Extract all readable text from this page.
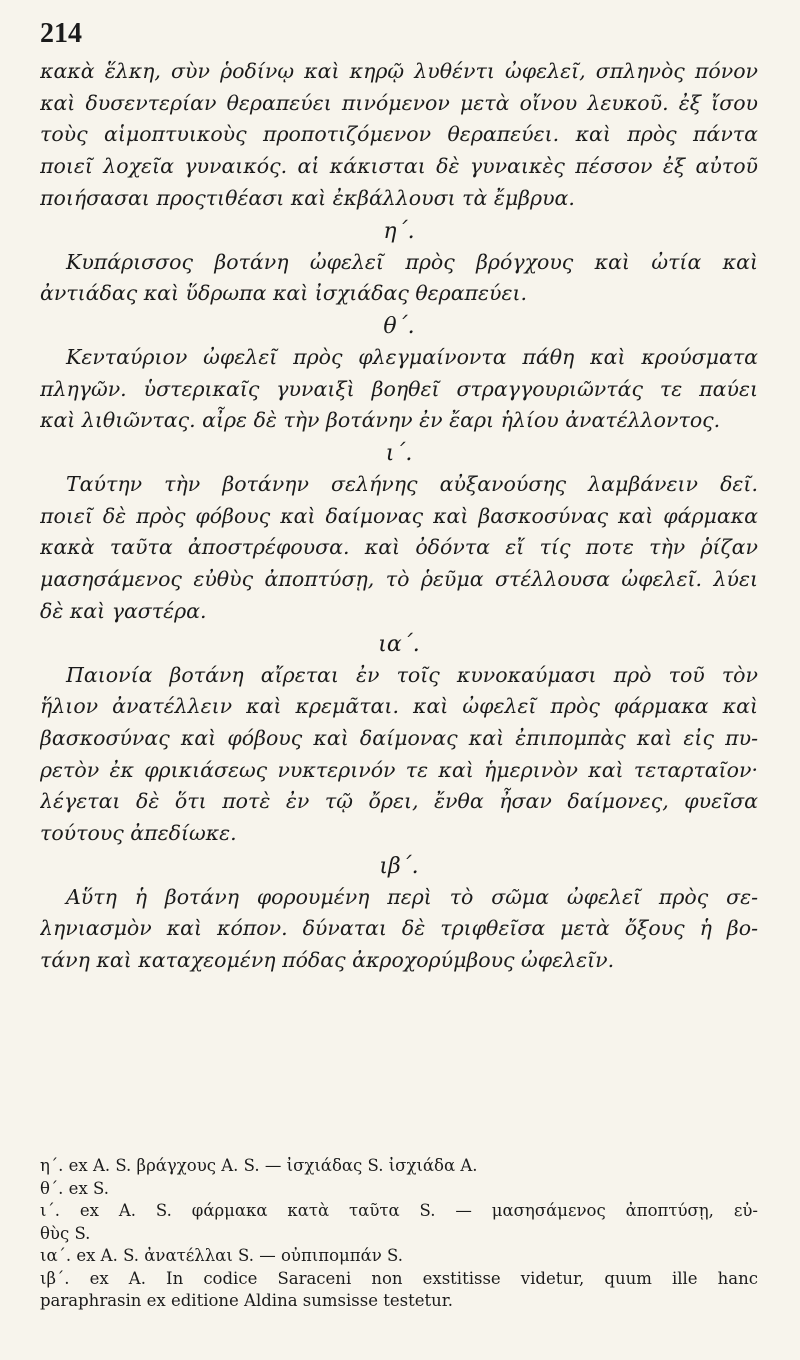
214
κακὰ ἕλκη, σὺν ῥοδίνῳ καὶ κηρῷ λυθέντι ὠφελεῖ, σπληνὸς πόνον
καὶ δυσεντερίαν θεραπεύει πινόμενον μετὰ οἴνου λευκοῦ. ἐξ ἴσου
τοὺς αἱμοπτυικοὺς προποτιζόμενον θεραπεύει. καὶ πρὸς πάντα
ποιεῖ λοχεῖα γυναικός. αἱ κάκισται δὲ γυναικὲς πέσσον ἐξ αὐτοῦ
ποιήσασαι προςτιθέασι καὶ ἐκβάλλουσι τὰ ἔμβρυα.
η΄.
Κυπάρισσος βοτάνη ὠφελεῖ πρὸς βρόγχους καὶ ὠτία καὶ
ἀντιάδας καὶ ὕδρωπα καὶ ἰσχιάδας θεραπεύει.
θ΄.
Κενταύριον ὠφελεῖ πρὸς φλεγμαίνοντα πάθη καὶ κρούσματα
πληγῶν. ὑστερικαῖς γυναιξὶ βοηθεῖ στραγγουριῶντάς τε παύει
καὶ λιθιῶντας. αἶρε δὲ τὴν βοτάνην ἐν ἔαρι ἡλίου ἀνατέλλοντος.
ι΄.
Ταύτην τὴν βοτάνην σελήνης αὐξανούσης λαμβάνειν δεῖ.
ποιεῖ δὲ πρὸς φόβους καὶ δαίμονας καὶ βασκοσύνας καὶ φάρμακα
κακὰ ταῦτα ἀποστρέφουσα. καὶ ὀδόντα εἴ τίς ποτε τὴν ῥίζαν
μασησάμενος εὐθὺς ἀποπτύσῃ, τὸ ῥεῦμα στέλλουσα ὠφελεῖ. λύει
δὲ καὶ γαστέρα.
ια΄.
Παιονία βοτάνη αἴρεται ἐν τοῖς κυνοκαύμασι πρὸ τοῦ τὸν
ἥλιον ἀνατέλλειν καὶ κρεμᾶται. καὶ ὠφελεῖ πρὸς φάρμακα καὶ
βασκοσύνας καὶ φόβους καὶ δαίμονας καὶ ἐπιπομπὰς καὶ εἰς πυ-
ρετὸν ἐκ φρικιάσεως νυκτερινόν τε καὶ ἡμερινὸν καὶ τεταρταῖον·
λέγεται δὲ ὅτι ποτὲ ἐν τῷ ὄρει, ἔνθα ἦσαν δαίμονες, φυεῖσα
τούτους ἀπεδίωκε.
ιβ΄.
Αὕτη ἡ βοτάνη φορουμένη περὶ τὸ σῶμα ὠφελεῖ πρὸς σε-
ληνιασμὸν καὶ κόπον. δύναται δὲ τριφθεῖσα μετὰ ὄξους ἡ βο-
τάνη καὶ καταχεομένη πόδας ἀκροχορύμβους ὠφελεῖν.
η΄. ex A. S. βράγχους A. S. — ἰσχιάδας S. ἰσχιάδα A.
θ΄. ex S.
ι΄. ex A. S. φάρμακα κατὰ ταῦτα S. — μασησάμενος ἀποπτύσῃ, εὐ-
θὺς S.
ια΄. ex A. S. ἀνατέλλαι S. — οὐπιπομπάν S.
ιβ΄. ex A. In codice Saraceni non exstitisse videtur, quum ille hanc
paraphrasin ex editione Aldina sumsisse testetur.
